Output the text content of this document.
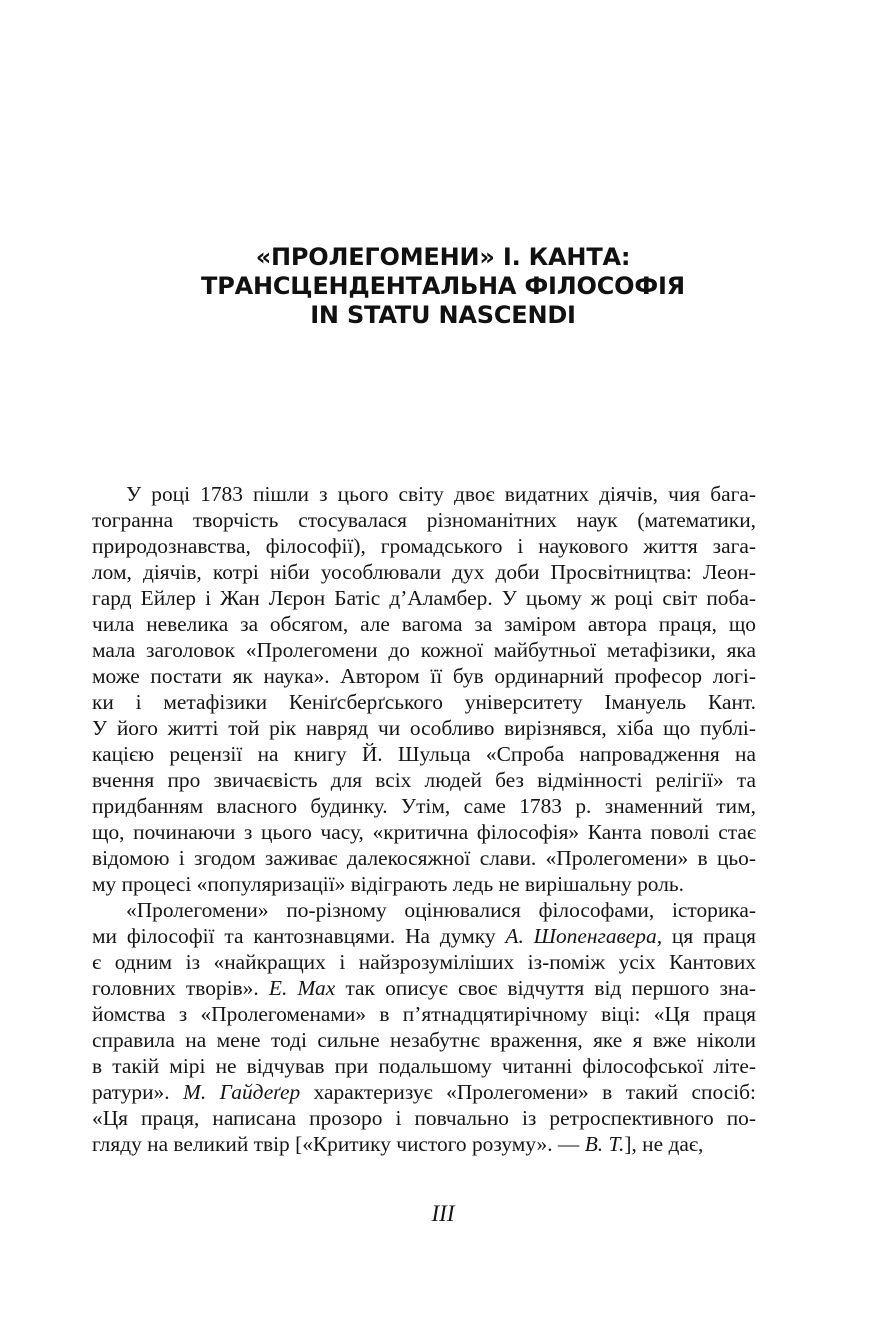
«ПРОЛЕГОМЕНИ» І. КАНТА:
ТРАНСЦЕНДЕНТАЛЬНА ФІЛОСОФІЯ
IN STATU NASCENDI
У році 1783 пішли з цього світу двоє видатних діячів, чия бага-
тогранна творчість стосувалася різноманітних наук (математики,
природознавства, філософії), громадського і наукового життя зага-
лом, діячів, котрі ніби уособлювали дух доби Просвітництва: Леон-
гард Ейлер і Жан Лєрон Батіс д’Аламбер. У цьому ж році світ поба-
чила невелика за обсягом, але вагома за заміром автора праця, що
мала заголовок «Пролегомени до кожної майбутньої метафізики, яка
може постати як наука». Автором її був ординарний професор логі-
ки і метафізики Кеніґсберґського університету Імануель Кант.
У його житті той рік навряд чи особливо вирізнявся, хіба що публі-
кацією рецензії на книгу Й. Шульца «Спроба напровадження на
вчення про звичаєвість для всіх людей без відмінності релігії» та
придбанням власного будинку. Утім, саме 1783 р. знаменний тим,
що, починаючи з цього часу, «критична філософія» Канта поволі стає
відомою і згодом заживає далекосяжної слави. «Пролегомени» в цьо-
му процесі «популяризації» відіграють ледь не вирішальну роль.
«Пролегомени» по-різному оцінювалися філософами, історика-
ми філософії та кантознавцями. На думку А. Шопенгавера, ця праця
є одним із «найкращих і найзрозуміліших із-поміж усіх Кантових
головних творів». Е. Мах так описує своє відчуття від першого зна-
йомства з «Пролегоменами» в п’ятнадцятирічному віці: «Ця праця
справила на мене тоді сильне незабутнє враження, яке я вже ніколи
в такій мірі не відчував при подальшому читанні філософської літе-
ратури». М. Гайдеґер характеризує «Пролегомени» в такий спосіб:
«Ця праця, написана прозоро і повчально із ретроспективного по-
гляду на великий твір [«Критику чистого розуму». — В. Т.], не дає,
III
